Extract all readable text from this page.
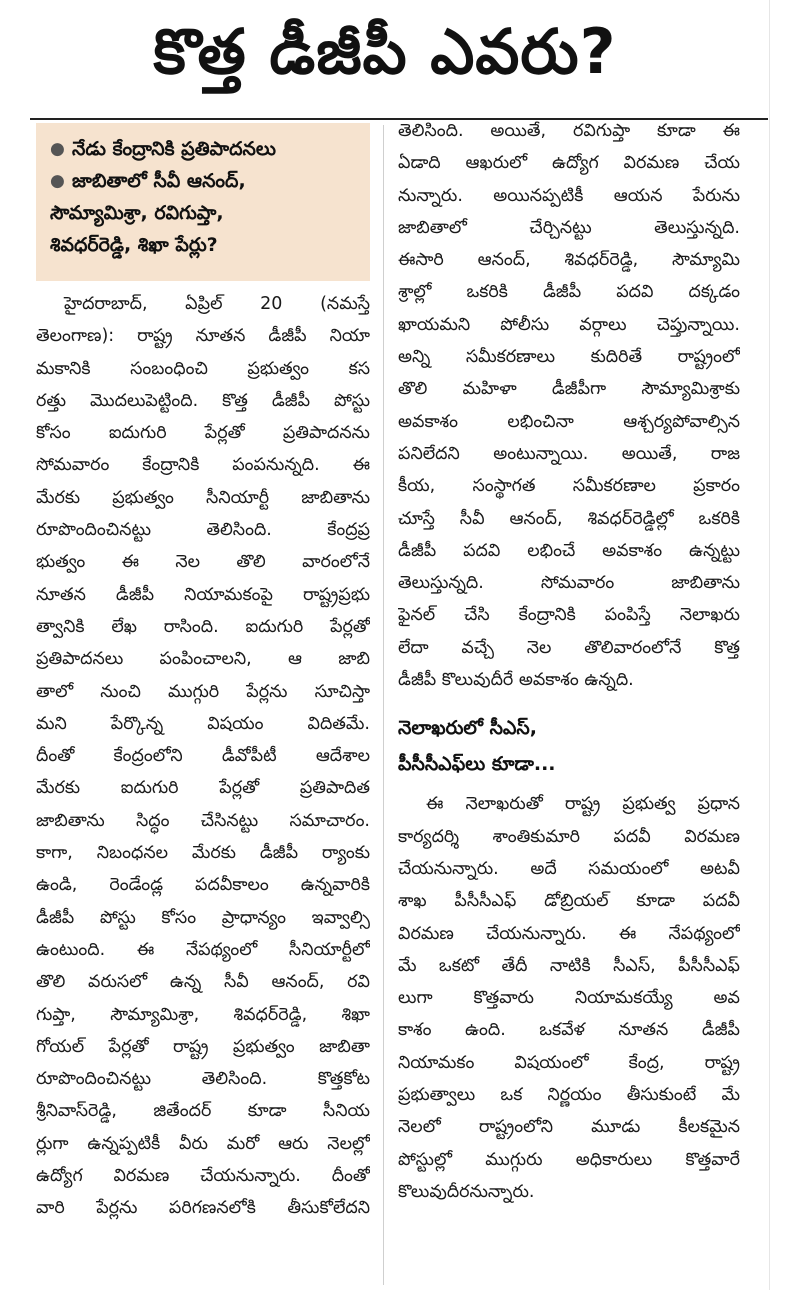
కొత్త డీజీపీ ఎవరు?
● నేడు కేంద్రానికి ప్రతిపాదనలు
● జాబితాలో సీవీ ఆనంద్,
సౌమ్యామిశ్రా, రవిగుప్తా,
శివధర్‌రెడ్డి, శిఖా పేర్లు?
హైదరాబాద్, ఏప్రిల్ 20 (నమస్తే
తెలంగాణ): రాష్ట్ర నూతన డీజీపీ నియా
మకానికి సంబంధించి ప్రభుత్వం కస
రత్తు మొదలుపెట్టింది. కొత్త డీజీపీ పోస్టు
కోసం ఐదుగురి పేర్లతో ప్రతిపాదనను
సోమవారం కేంద్రానికి పంపనున్నది. ఈ
మేరకు ప్రభుత్వం సీనియార్టీ జాబితాను
రూపొందించినట్టు తెలిసింది. కేంద్రప్ర
భుత్వం ఈ నెల తొలి వారంలోనే
నూతన డీజీపీ నియామకంపై రాష్ట్రప్రభు
త్వానికి లేఖ రాసింది. ఐదుగురి పేర్లతో
ప్రతిపాదనలు పంపించాలని, ఆ జాబి
తాలో నుంచి ముగ్గురి పేర్లను సూచిస్తా
మని పేర్కొన్న విషయం విదితమే.
దీంతో కేంద్రంలోని డీవోపీటీ ఆదేశాల
మేరకు ఐదుగురి పేర్లతో ప్రతిపాదిత
జాబితాను సిద్ధం చేసినట్టు సమాచారం.
కాగా, నిబంధనల మేరకు డీజీపీ ర్యాంకు
ఉండి, రెండేండ్ల పదవీకాలం ఉన్నవారికి
డీజీపీ పోస్టు కోసం ప్రాధాన్యం ఇవ్వాల్సి
ఉంటుంది. ఈ నేపథ్యంలో సీనియార్టీలో
తొలి వరుసలో ఉన్న సీవీ ఆనంద్, రవి
గుప్తా, సౌమ్యామిశ్రా, శివధర్‌రెడ్డి, శిఖా
గోయల్ పేర్లతో రాష్ట్ర ప్రభుత్వం జాబితా
రూపొందించినట్టు తెలిసింది. కొత్తకోట
శ్రీనివాస్‌రెడ్డి, జితేందర్ కూడా సీనియ
ర్లుగా ఉన్నప్పటికీ వీరు మరో ఆరు నెలల్లో
ఉద్యోగ విరమణ చేయనున్నారు. దీంతో
వారి పేర్లను పరిగణనలోకి తీసుకోలేదని
తెలిసింది. అయితే, రవిగుప్తా కూడా ఈ
ఏడాది ఆఖరులో ఉద్యోగ విరమణ చేయ
నున్నారు. అయినప్పటికీ ఆయన పేరును
జాబితాలో చేర్చినట్టు తెలుస్తున్నది.
ఈసారి ఆనంద్, శివధర్‌రెడ్డి, సౌమ్యామి
శ్రాల్లో ఒకరికి డీజీపీ పదవి దక్కడం
ఖాయమని పోలీసు వర్గాలు చెప్తున్నాయి.
అన్ని సమీకరణాలు కుదిరితే రాష్ట్రంలో
తొలి మహిళా డీజీపీగా సౌమ్యామిశ్రాకు
అవకాశం లభించినా ఆశ్చర్యపోవాల్సిన
పనిలేదని అంటున్నాయి. అయితే, రాజ
కీయ, సంస్థాగత సమీకరణాల ప్రకారం
చూస్తే సీవీ ఆనంద్, శివధర్‌రెడ్డిల్లో ఒకరికి
డీజీపీ పదవి లభించే అవకాశం ఉన్నట్టు
తెలుస్తున్నది. సోమవారం జాబితాను
ఫైనల్ చేసి కేంద్రానికి పంపిస్తే నెలాఖరు
లేదా వచ్చే నెల తొలివారంలోనే కొత్త
డీజీపీ కొలువుదీరే అవకాశం ఉన్నది.
నెలాఖరులో సీఎస్,
పీసీసీఎఫ్‌లు కూడా...
ఈ నెలాఖరుతో రాష్ట్ర ప్రభుత్వ ప్రధాన
కార్యదర్శి శాంతికుమారి పదవీ విరమణ
చేయనున్నారు. అదే సమయంలో అటవీ
శాఖ పీసీసీఎఫ్ డోబ్రియల్ కూడా పదవీ
విరమణ చేయనున్నారు. ఈ నేపథ్యంలో
మే ఒకటో తేదీ నాటికి సీఎస్, పీసీసీఎఫ్
లుగా కొత్తవారు నియామకయ్యే అవ
కాశం ఉంది. ఒకవేళ నూతన డీజీపీ
నియామకం విషయంలో కేంద్ర, రాష్ట్ర
ప్రభుత్వాలు ఒక నిర్ణయం తీసుకుంటే మే
నెలలో రాష్ట్రంలోని మూడు కీలకమైన
పోస్టుల్లో ముగ్గురు అధికారులు కొత్తవారే
కొలువుదీరనున్నారు.
